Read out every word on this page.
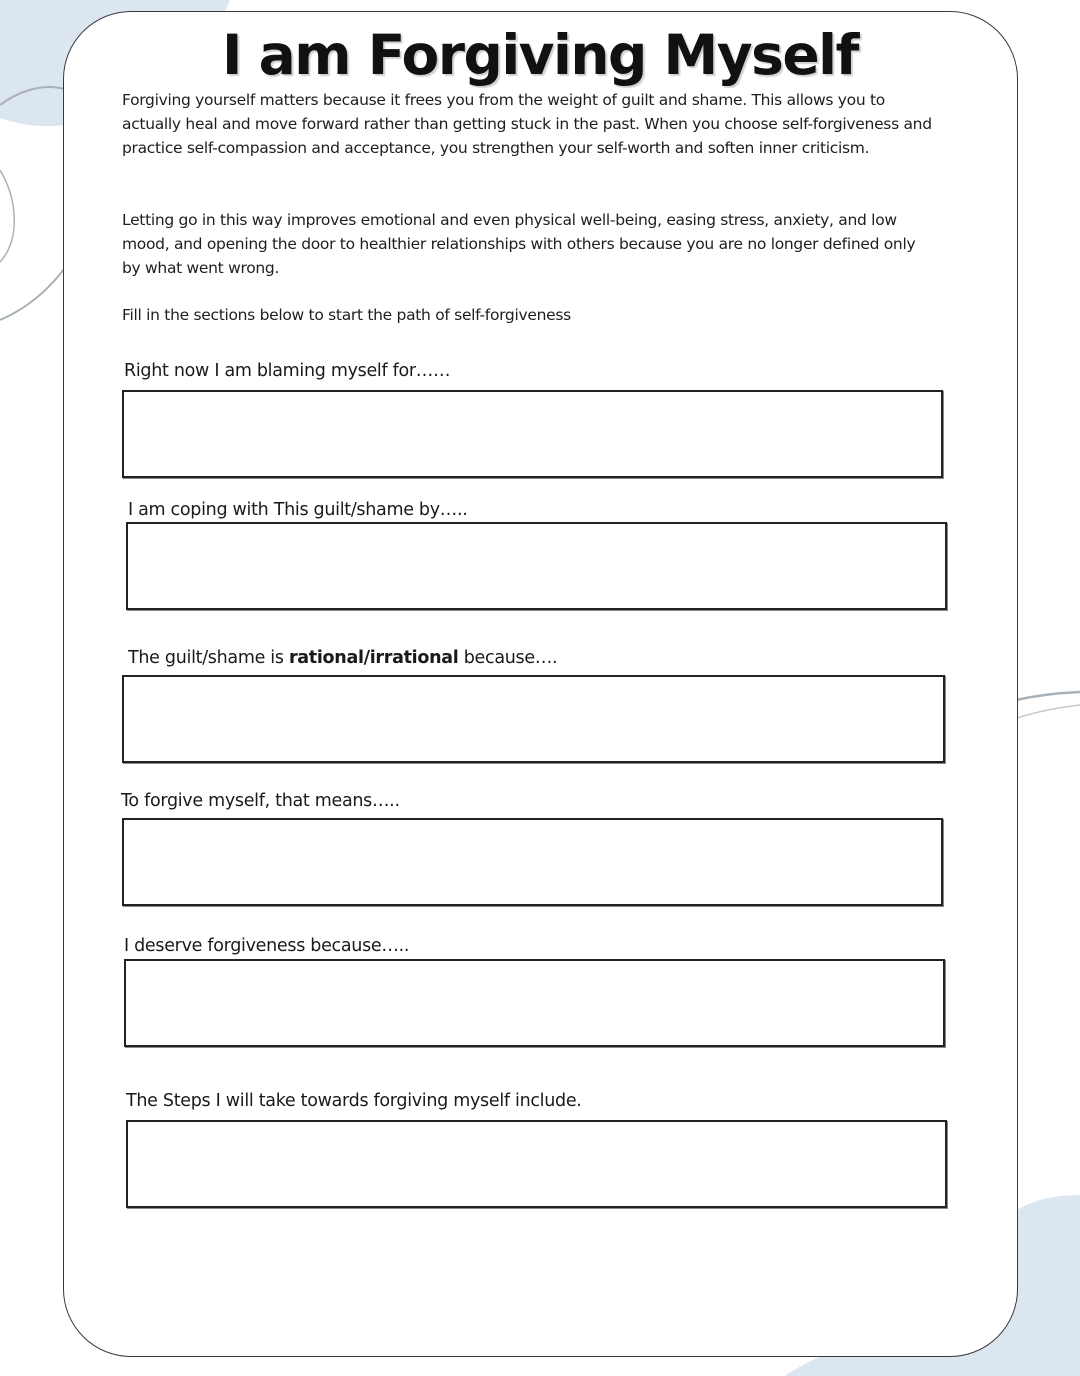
I am Forgiving Myself

Forgiving yourself matters because it frees you from the weight of guilt and shame. This allows you to actually heal and move forward rather than getting stuck in the past. When you choose self-forgiveness and practice self-compassion and acceptance, you strengthen your self-worth and soften inner criticism.

Letting go in this way improves emotional and even physical well-being, easing stress, anxiety, and low mood, and opening the door to healthier relationships with others because you are no longer defined only by what went wrong.

Fill in the sections below to start the path of self-forgiveness

Right now I am blaming myself for……

I am coping with This guilt/shame by…..

The guilt/shame is rational/irrational because….

To forgive myself, that means…..

I deserve forgiveness because…..

The Steps I will take towards forgiving myself include.
